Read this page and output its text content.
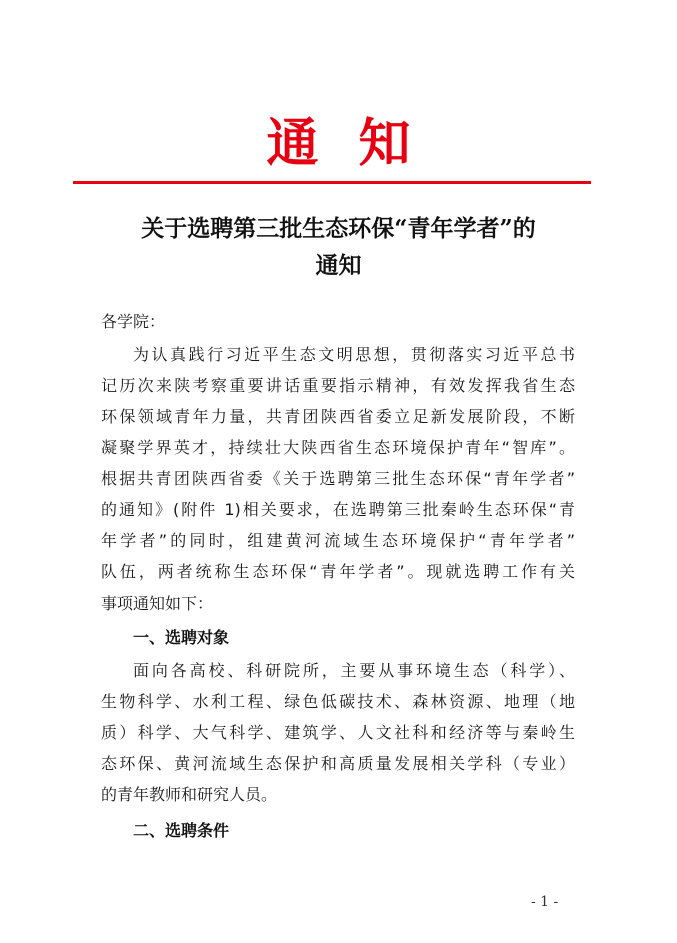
通知
关于选聘第三批生态环保“青年学者”的
通知
各学院：
为认真践行习近平生态文明思想，贯彻落实习近平总书
记历次来陕考察重要讲话重要指示精神，有效发挥我省生态
环保领域青年力量，共青团陕西省委立足新发展阶段，不断
凝聚学界英才，持续壮大陕西省生态环境保护青年“智库”。
根据共青团陕西省委《关于选聘第三批生态环保“青年学者”
的通知》(附件 1)相关要求，在选聘第三批秦岭生态环保“青
年学者”的同时，组建黄河流域生态环境保护“青年学者”
队伍，两者统称生态环保“青年学者”。现就选聘工作有关
事项通知如下：
一、选聘对象
面向各高校、科研院所，主要从事环境生态（科学）、
生物科学、水利工程、绿色低碳技术、森林资源、地理（地
质）科学、大气科学、建筑学、人文社科和经济等与秦岭生
态环保、黄河流域生态保护和高质量发展相关学科（专业）
的青年教师和研究人员。
二、选聘条件
- 1 -
